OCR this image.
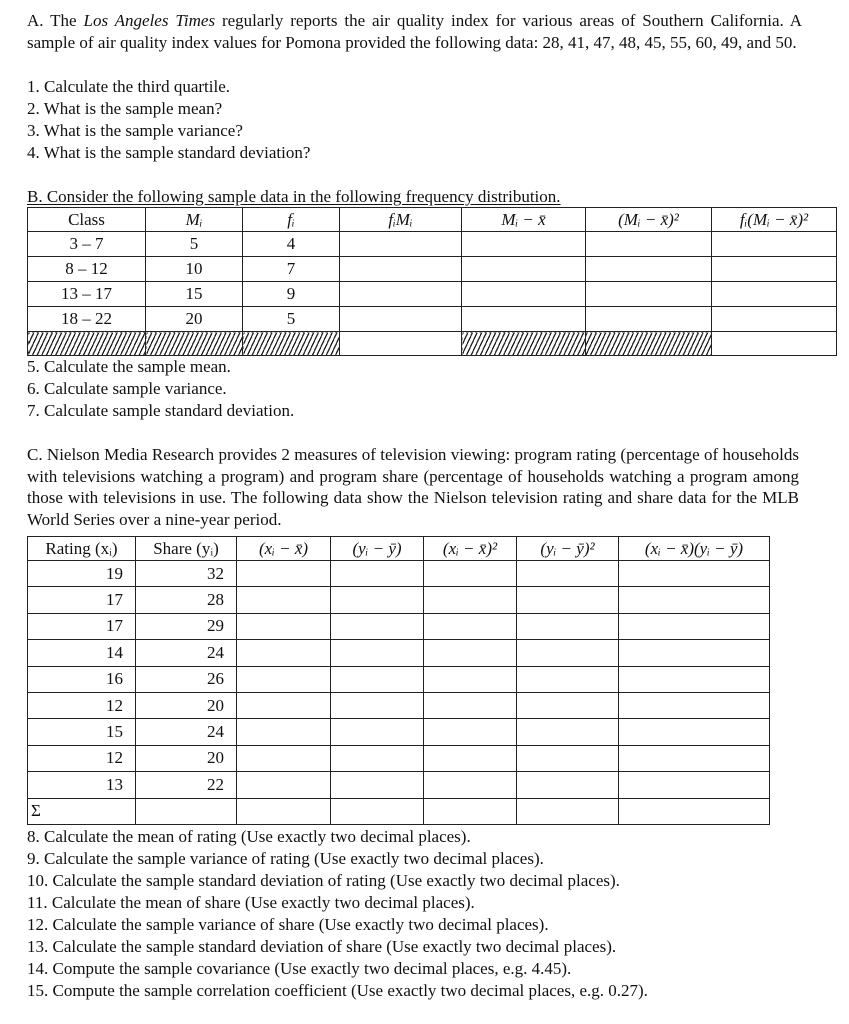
A. The Los Angeles Times regularly reports the air quality index for various areas of Southern California. A sample of air quality index values for Pomona provided the following data: 28, 41, 47, 48, 45, 55, 60, 49, and 50.
1. Calculate the third quartile.
2. What is the sample mean?
3. What is the sample variance?
4. What is the sample standard deviation?
B. Consider the following sample data in the following frequency distribution.
Class	Mᵢ	fᵢ	fᵢMᵢ	Mᵢ − x̄	(Mᵢ − x̄)²	fᵢ(Mᵢ − x̄)²
3 – 7	5	4				
8 – 12	10	7				
13 – 17	15	9				
18 – 22	20	5				

5. Calculate the sample mean.
6. Calculate sample variance.
7. Calculate sample standard deviation.
C. Nielson Media Research provides 2 measures of television viewing: program rating (percentage of households with televisions watching a program) and program share (percentage of households watching a program among those with televisions in use. The following data show the Nielson television rating and share data for the MLB World Series over a nine-year period.
Rating (xᵢ)	Share (yᵢ)	(xᵢ − x̄)	(yᵢ − ȳ)	(xᵢ − x̄)²	(yᵢ − ȳ)²	(xᵢ − x̄)(yᵢ − ȳ)
19	32					
17	28					
17	29					
14	24					
16	26					
12	20					
15	24					
12	20					
13	22					
Σ						
8. Calculate the mean of rating (Use exactly two decimal places).
9. Calculate the sample variance of rating (Use exactly two decimal places).
10. Calculate the sample standard deviation of rating (Use exactly two decimal places).
11. Calculate the mean of share (Use exactly two decimal places).
12. Calculate the sample variance of share (Use exactly two decimal places).
13. Calculate the sample standard deviation of share (Use exactly two decimal places).
14. Compute the sample covariance (Use exactly two decimal places, e.g. 4.45).
15. Compute the sample correlation coefficient (Use exactly two decimal places, e.g. 0.27).
